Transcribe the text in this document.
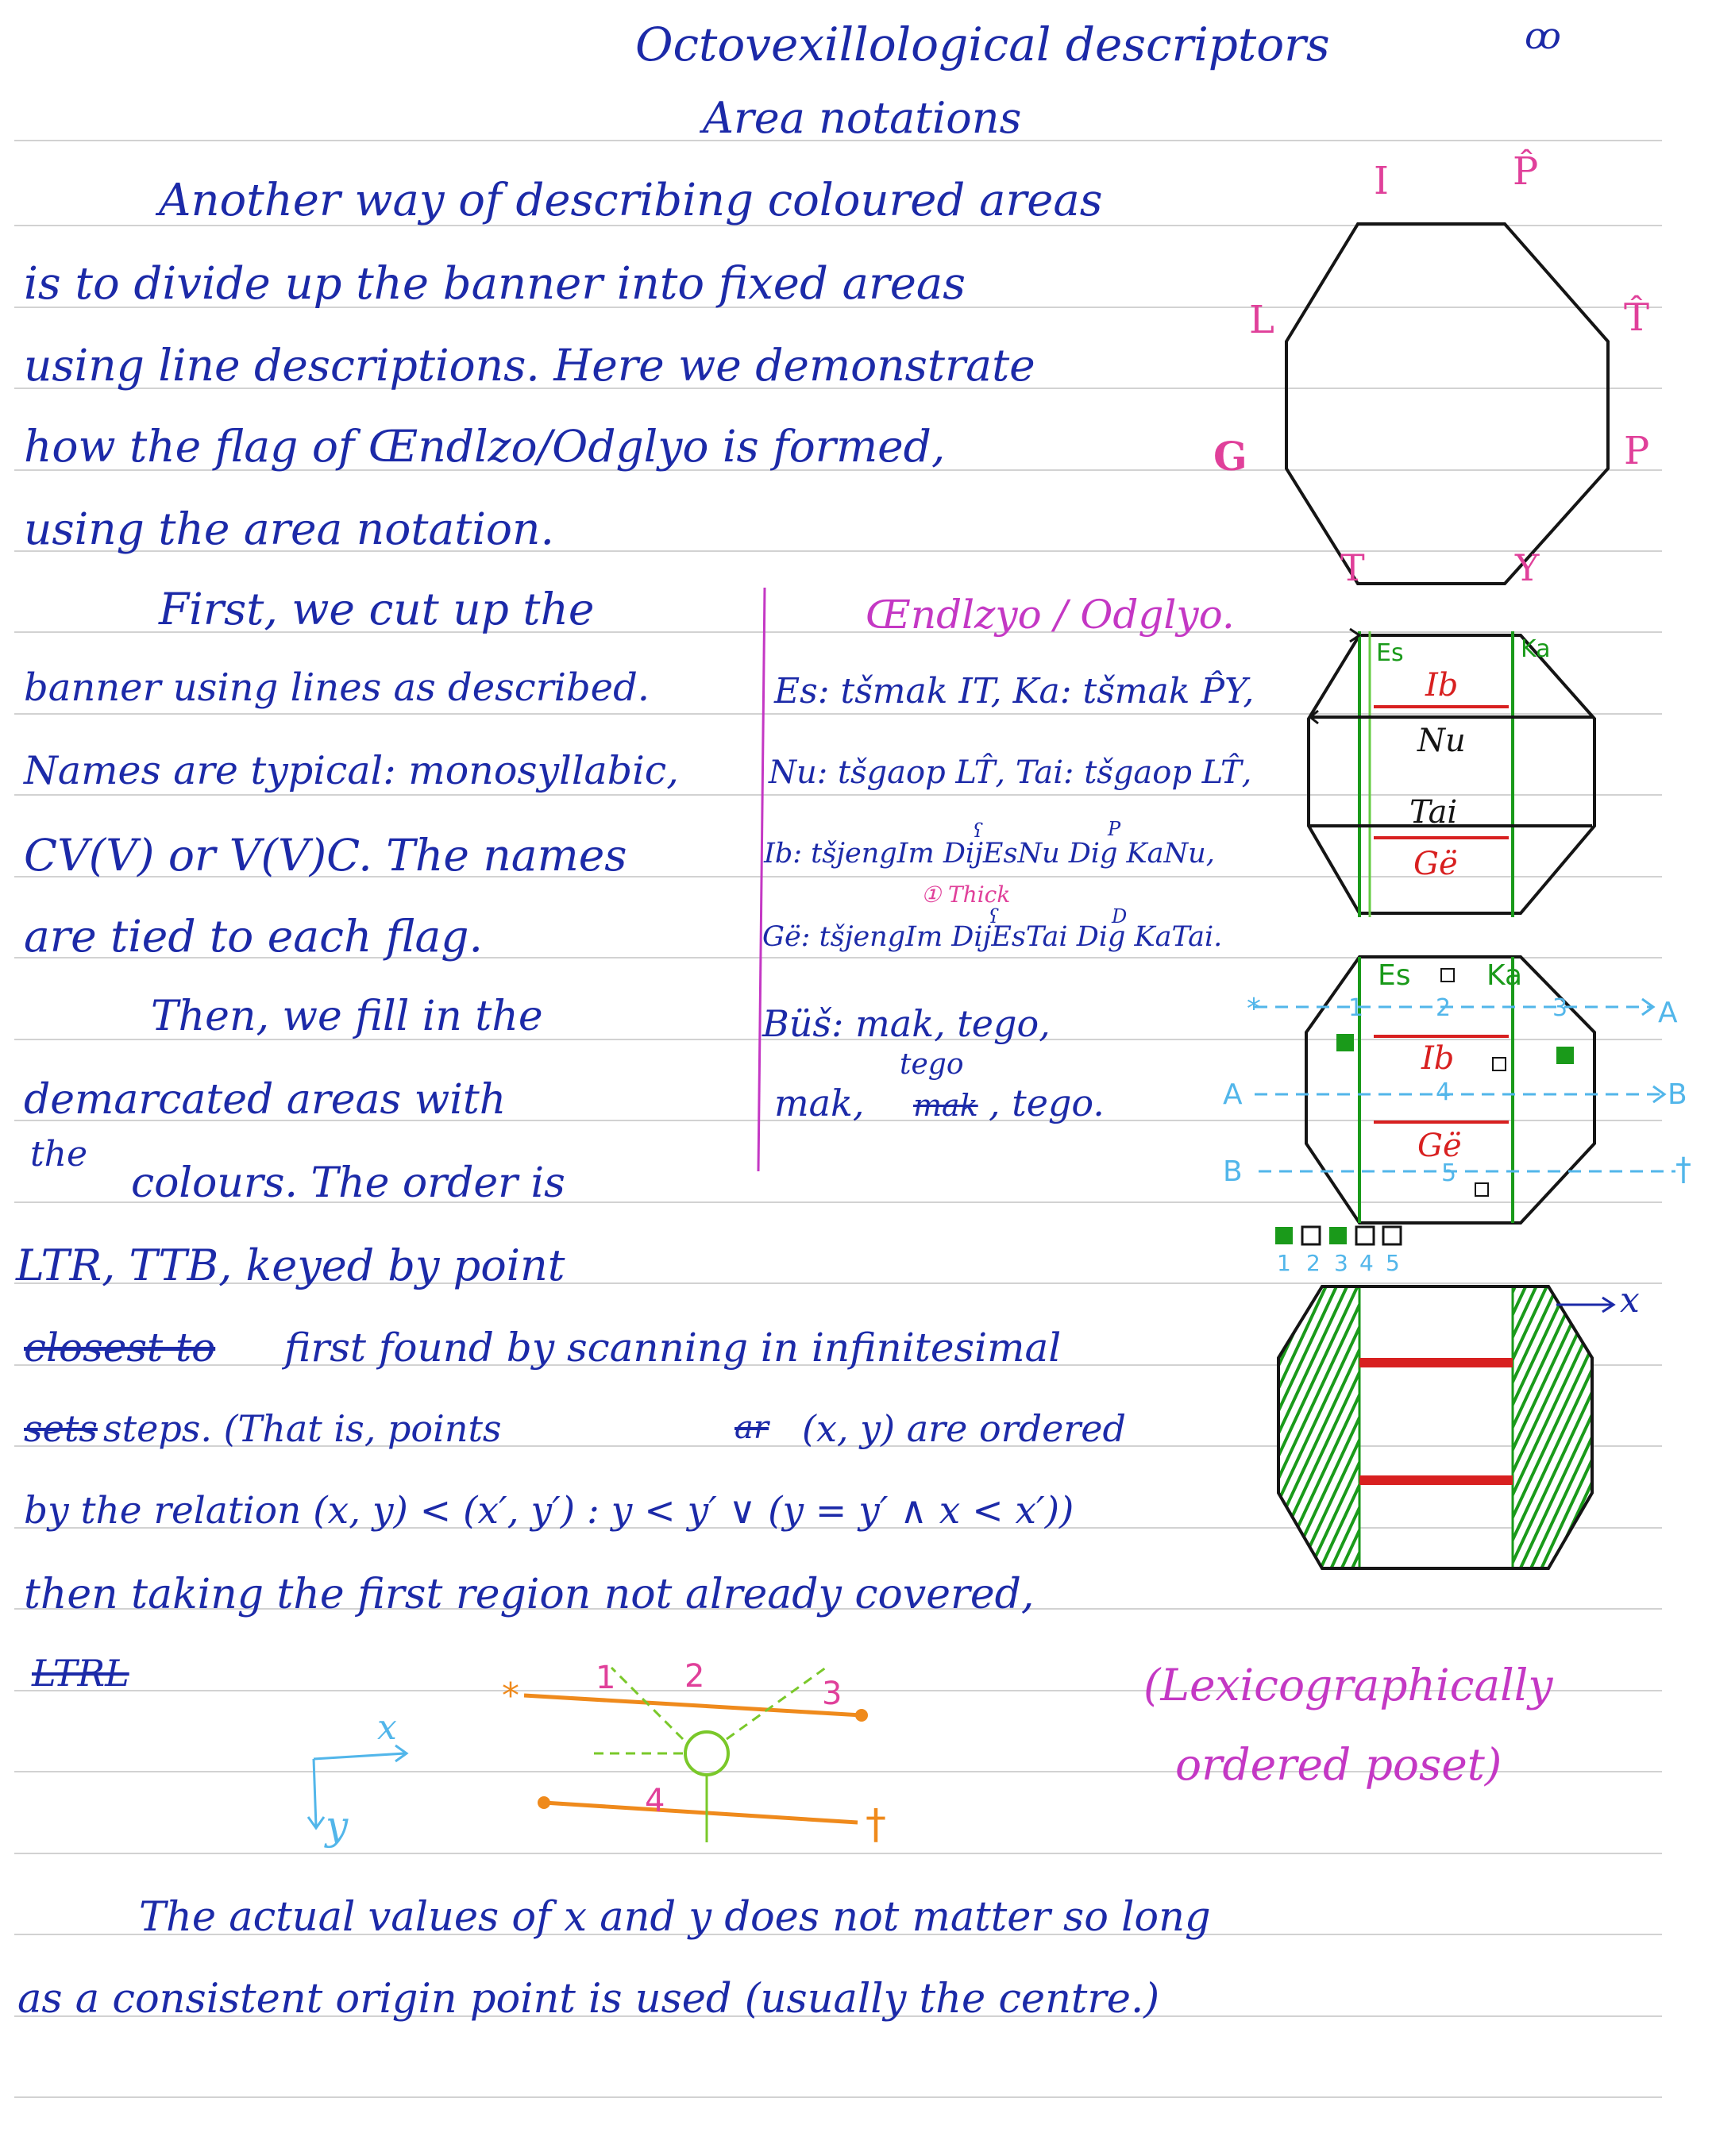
Octovexillological descriptors
Area notations
ꝏ
Another way of describing coloured areas
is to divide up the banner into fixed areas
using line descriptions. Here we demonstrate
how the flag of Œndlzo/Odglyo is formed,
using the area notation.
First, we cut up the
banner using lines as described.
Names are typical: monosyllabic,
CV(V) or V(V)C. The names
are tied to each flag.
Then, we fill in the
demarcated areas with
the
colours. The order is
LTR, TTB, keyed by point
closest to first found by scanning in infinitesimal
sets steps. (That is, points	ar (x, y) are ordered
by the relation (x, y) < (x′, y′) : y < y′ ∨ (y = y′ ∧ x < x′))
then taking the first region not already covered,
LTRL	(Lexicographically
ordered poset)
The actual values of x and y does not matter so long
as a consistent origin point is used (usually the centre.)
Œndlzyo / Odglyo.
Es: tšmak IT, Ka: tšmak P̂Y,
Nu: tšgaop LT̂, Tai: tšgaop LT̂,
Ib: tšjengIm DijEsNu Dig KaNu,
① Thick
Gë: tšjengIm DijEsTai Dig KaTai.
Büš: mak, tego,
tego
mak, mak , tego.
ʕ	P
ʕ	D
I	P̂
L	T̂
G	P
T	Y
Es	Ka
Ib
Nu
Tai
Gë
Es	Ka
Ib
Gë
1	2	3
4
5
*	A
A	B
B	†
1 2 3 4 5
x
*
†
1 2	3
4
x
y
